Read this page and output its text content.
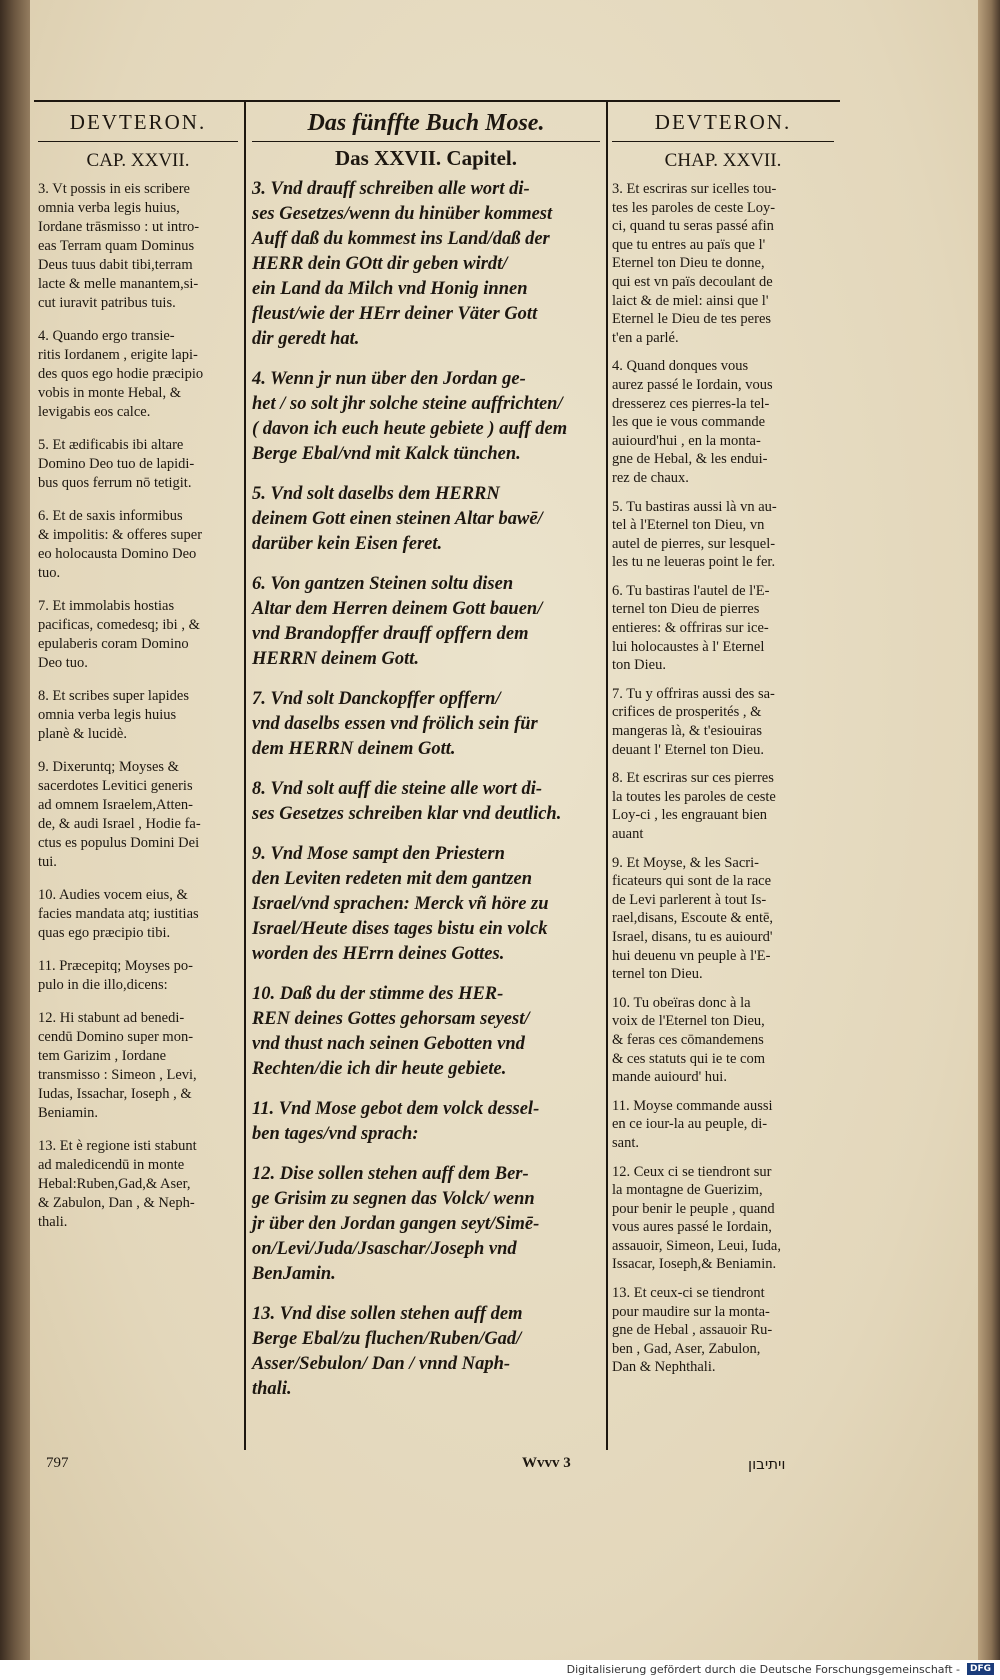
DEVTERON.
CAP. XXVII.

3. Vt possis in eis scribere

omnia verba legis huius,

Iordane trāsmisso : ut intro-

eas Terram quam Dominus

Deus tuus dabit tibi,terram

lacte & melle manantem,si-

cut iuravit patribus tuis.

4. Quando ergo transie-

ritis Iordanem , erigite lapi-

des quos ego hodie præcipio

vobis in monte Hebal, &

levigabis eos calce.

5. Et ædificabis ibi altare

Domino Deo tuo de lapidi-

bus quos ferrum nō tetigit.

6. Et de saxis informibus

& impolitis: & offeres super

eo holocausta Domino Deo

tuo.

7. Et immolabis hostias

pacificas, comedesq; ibi , &

epulaberis coram Domino

Deo tuo.

8. Et scribes super lapides

omnia verba legis huius

planè & lucidè.

9. Dixeruntq; Moyses &

sacerdotes Levitici generis

ad omnem Israelem,Atten-

de, & audi Israel , Hodie fa-

ctus es populus Domini Dei

tui.

10. Audies vocem eius, &

facies mandata atq; iustitias

quas ego præcipio tibi.

11. Præcepitq; Moyses po-

pulo in die illo,dicens:

12. Hi stabunt ad benedi-

cendū Domino super mon-

tem Garizim , Iordane

transmisso : Simeon , Levi,

Iudas, Issachar, Ioseph , &

Beniamin.

13. Et è regione isti stabunt

ad maledicendū in monte

Hebal:Ruben,Gad,& Aser,

& Zabulon, Dan , & Neph-

thali.

Das fünffte Buch Mose.
Das XXVII. Capitel.

3. Vnd drauff schreiben alle wort di-

ses Gesetzes/wenn du hinüber kommest

Auff daß du kommest ins Land/daß der

HERR dein GOtt dir geben wirdt/

ein Land da Milch vnd Honig innen

fleust/wie der HErr deiner Väter Gott

dir geredt hat.

4. Wenn jr nun über den Jordan ge-

het / so solt jhr solche steine auffrichten/

( davon ich euch heute gebiete ) auff dem

Berge Ebal/vnd mit Kalck tünchen.

5. Vnd solt daselbs dem HERRN

deinem Gott einen steinen Altar bawē/

darüber kein Eisen feret.

6. Von gantzen Steinen soltu disen

Altar dem Herren deinem Gott bauen/

vnd Brandopffer drauff opffern dem

HERRN deinem Gott.

7. Vnd solt Danckopffer opffern/

vnd daselbs essen vnd frölich sein für

dem HERRN deinem Gott.

8. Vnd solt auff die steine alle wort di-

ses Gesetzes schreiben klar vnd deutlich.

9. Vnd Mose sampt den Priestern

den Leviten redeten mit dem gantzen

Israel/vnd sprachen: Merck vñ höre zu

Israel/Heute dises tages bistu ein volck

worden des HErrn deines Gottes.

10. Daß du der stimme des HER-

REN deines Gottes gehorsam seyest/

vnd thust nach seinen Gebotten vnd

Rechten/die ich dir heute gebiete.

11. Vnd Mose gebot dem volck dessel-

ben tages/vnd sprach:

12. Dise sollen stehen auff dem Ber-

ge Grisim zu segnen das Volck/ wenn

jr über den Jordan gangen seyt/Simē-

on/Levi/Juda/Jsaschar/Joseph vnd

BenJamin.

13. Vnd dise sollen stehen auff dem

Berge Ebal/zu fluchen/Ruben/Gad/

Asser/Sebulon/ Dan / vnnd Naph-

thali.

DEVTERON.
CHAP. XXVII.

3. Et escriras sur icelles tou-

tes les paroles de ceste Loy-

ci, quand tu seras passé afin

que tu entres au païs que l'

Eternel ton Dieu te donne,

qui est vn païs decoulant de

laict & de miel: ainsi que l'

Eternel le Dieu de tes peres

t'en a parlé.

4. Quand donques vous

aurez passé le Iordain, vous

dresserez ces pierres-la tel-

les que ie vous commande

auiourd'hui , en la monta-

gne de Hebal, & les endui-

rez de chaux.

5. Tu bastiras aussi là vn au-

tel à l'Eternel ton Dieu, vn

autel de pierres, sur lesquel-

les tu ne leueras point le fer.

6. Tu bastiras l'autel de l'E-

ternel ton Dieu de pierres

entieres: & offriras sur ice-

lui holocaustes à l' Eternel

ton Dieu.

7. Tu y offriras aussi des sa-

crifices de prosperités , &

mangeras là, & t'esiouiras

deuant l' Eternel ton Dieu.

8. Et escriras sur ces pierres

la toutes les paroles de ceste

Loy-ci , les engrauant bien

auant

9. Et Moyse, & les Sacri-

ficateurs qui sont de la race

de Levi parlerent à tout Is-

rael,disans, Escoute & entē,

Israel, disans, tu es auiourd'

hui deuenu vn peuple à l'E-

ternel ton Dieu.

10. Tu obeïras donc à la

voix de l'Eternel ton Dieu,

& feras ces cōmandemens

& ces statuts qui ie te com

mande auiourd' hui.

11. Moyse commande aussi

en ce iour-la au peuple, di-

sant.

12. Ceux ci se tiendront sur

la montagne de Guerizim,

pour benir le peuple , quand

vous aures passé le Iordain,

assauoir, Simeon, Leui, Iuda,

Issacar, Ioseph,& Beniamin.

13. Et ceux-ci se tiendront

pour maudire sur la monta-

gne de Hebal , assauoir Ru-

ben , Gad, Aser, Zabulon,

Dan & Nephthali.

797	Wvvv 3	ויתיבון
Digitalisierung gefördert durch die Deutsche Forschungsgemeinschaft -	DFG
